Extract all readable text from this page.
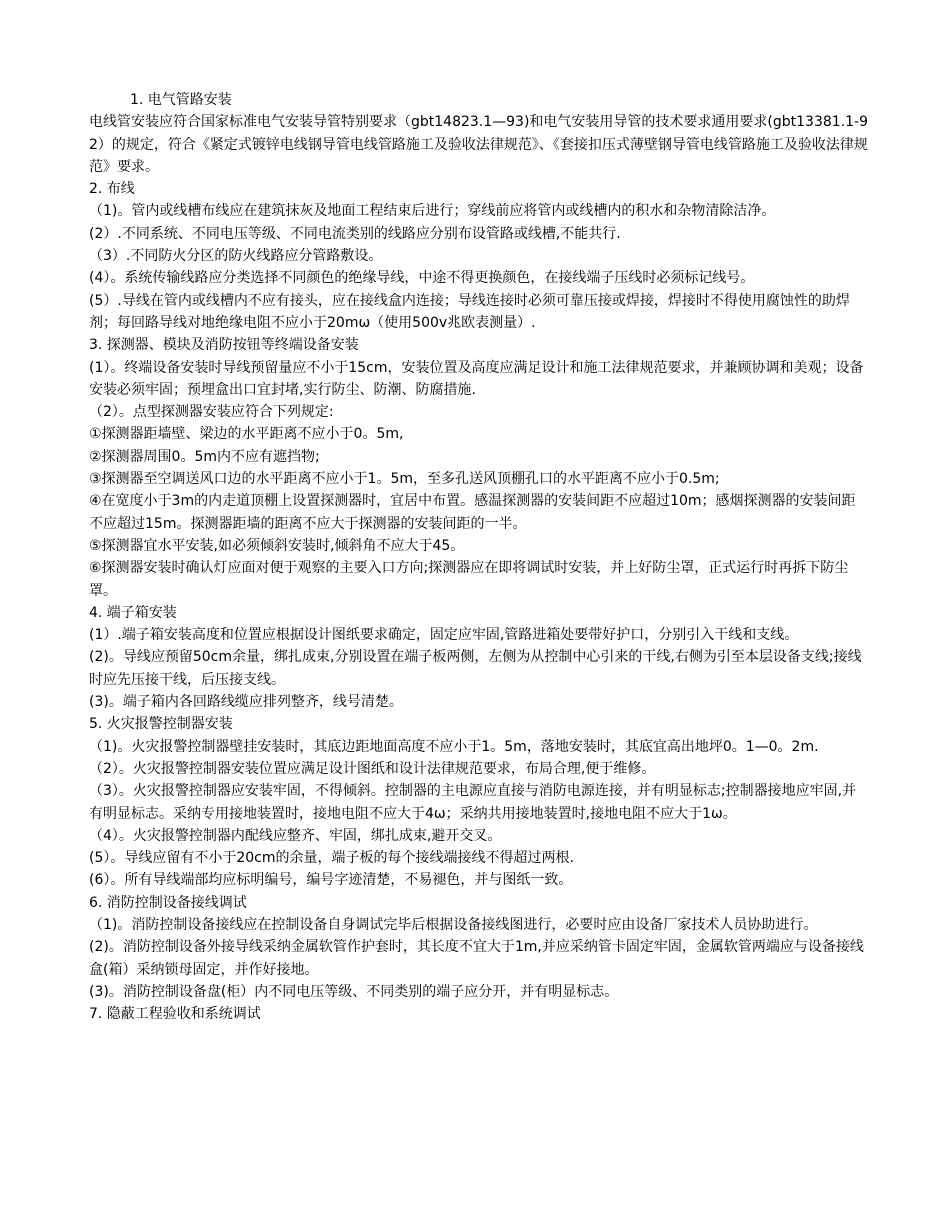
1. 电气管路安装

电线管安装应符合国家标准电气安装导管特别要求（gbt14823.1—93)和电气安装用导管的技术要求通用要求(gbt13381.1-92）的规定，符合《紧定式镀锌电线钢导管电线管路施工及验收法律规范》、《套接扣压式薄壁钢导管电线管路施工及验收法律规范》要求。

2. 布线

（1)。管内或线槽布线应在建筑抹灰及地面工程结束后进行；穿线前应将管内或线槽内的积水和杂物清除洁净。

(2）.不同系统、不同电压等级、不同电流类别的线路应分别布设管路或线槽,不能共行.

（3）.不同防火分区的防火线路应分管路敷设。

(4）。系统传输线路应分类选择不同颜色的绝缘导线，中途不得更换颜色，在接线端子压线时必须标记线号。

(5）.导线在管内或线槽内不应有接头，应在接线盒内连接；导线连接时必须可靠压接或焊接，焊接时不得使用腐蚀性的助焊剂；每回路导线对地绝缘电阻不应小于20mω（使用500v兆欧表测量）.

3. 探测器、模块及消防按钮等终端设备安装

(1）。终端设备安装时导线预留量应不小于15cm，安装位置及高度应满足设计和施工法律规范要求，并兼顾协调和美观；设备安装必须牢固；预埋盒出口宜封堵,实行防尘、防潮、防腐措施.

（2）。点型探测器安装应符合下列规定:

①探测器距墙壁、梁边的水平距离不应小于0。5m,

②探测器周围0。5m内不应有遮挡物;

③探测器至空调送风口边的水平距离不应小于1。5m，至多孔送风顶棚孔口的水平距离不应小于0.5m;

④在宽度小于3m的内走道顶棚上设置探测器时，宜居中布置。感温探测器的安装间距不应超过10m；感烟探测器的安装间距不应超过15m。探测器距墙的距离不应大于探测器的安装间距的一半。

⑤探测器宜水平安装,如必须倾斜安装时,倾斜角不应大于45。

⑥探测器安装时确认灯应面对便于观察的主要入口方向;探测器应在即将调试时安装，并上好防尘罩，正式运行时再拆下防尘罩。

4. 端子箱安装

(1）.端子箱安装高度和位置应根据设计图纸要求确定，固定应牢固,管路进箱处要带好护口，分别引入干线和支线。

(2)。导线应预留50cm余量，绑扎成束,分别设置在端子板两侧，左侧为从控制中心引来的干线,右侧为引至本层设备支线;接线时应先压接干线，后压接支线。

(3)。端子箱内各回路线缆应排列整齐，线号清楚。

5. 火灾报警控制器安装

（1)。火灾报警控制器壁挂安装时，其底边距地面高度不应小于1。5m，落地安装时，其底宜高出地坪0。1—0。2m.

（2）。火灾报警控制器安装位置应满足设计图纸和设计法律规范要求，布局合理,便于维修。

（3）。火灾报警控制器应安装牢固，不得倾斜。控制器的主电源应直接与消防电源连接，并有明显标志;控制器接地应牢固,并有明显标志。采纳专用接地装置时，接地电阻不应大于4ω；采纳共用接地装置时,接地电阻不应大于1ω。

（4）。火灾报警控制器内配线应整齐、牢固，绑扎成束,避开交叉。

(5）。导线应留有不小于20cm的余量，端子板的每个接线端接线不得超过两根.

(6）。所有导线端部均应标明编号，编号字迹清楚，不易褪色，并与图纸一致。

6. 消防控制设备接线调试

（1)。消防控制设备接线应在控制设备自身调试完毕后根据设备接线图进行，必要时应由设备厂家技术人员协助进行。

(2)。消防控制设备外接导线采纳金属软管作护套时，其长度不宜大于1m,并应采纳管卡固定牢固，金属软管两端应与设备接线盒(箱）采纳锁母固定，并作好接地。

(3)。消防控制设备盘(柜）内不同电压等级、不同类别的端子应分开，并有明显标志。

7. 隐蔽工程验收和系统调试
